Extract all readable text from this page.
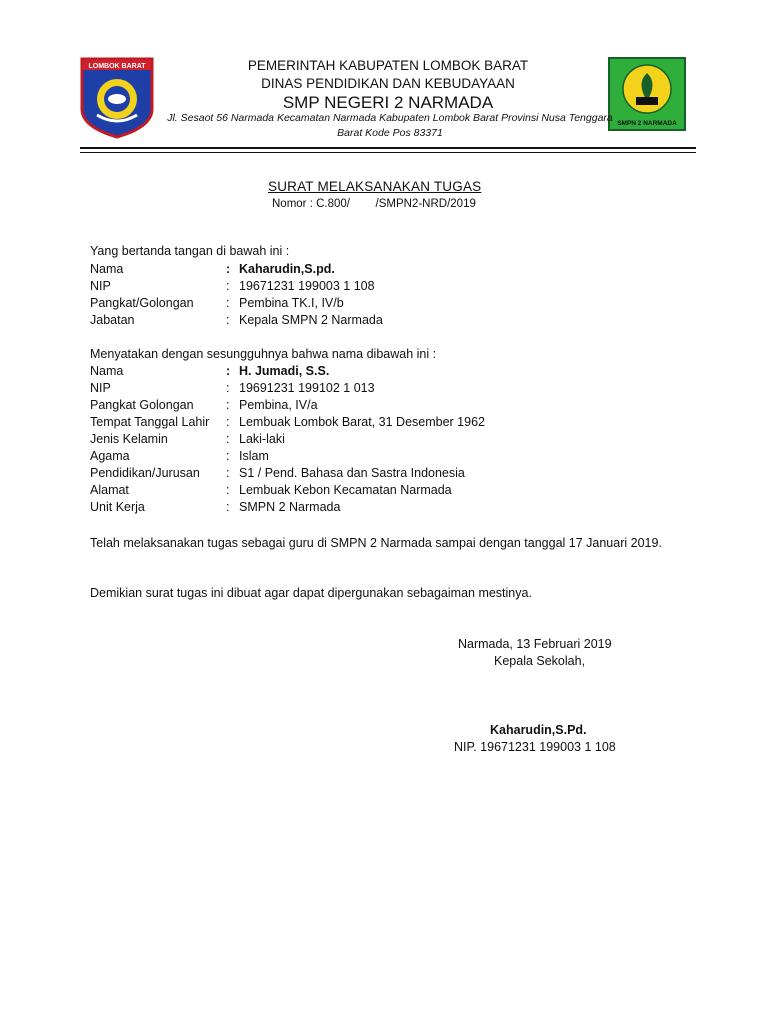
LOMBOK BARAT
SMPN 2 NARMADA
PEMERINTAH KABUPATEN LOMBOK BARAT
DINAS PENDIDIKAN DAN KEBUDAYAAN
SMP NEGERI 2 NARMADA
Jl. Sesaot 56 Narmada Kecamatan Narmada Kabupaten Lombok Barat Provinsi Nusa Tenggara Barat Kode Pos 83371
SURAT MELAKSANAKAN TUGAS
Nomor : C.800/        /SMPN2-NRD/2019
Yang bertanda tangan di bawah ini :
Nama	: Kaharudin,S.pd.
NIP	: 19671231 199003 1 108
Pangkat/Golongan	: Pembina TK.I, IV/b
Jabatan	: Kepala SMPN 2 Narmada
Menyatakan dengan sesungguhnya bahwa nama dibawah ini :
Nama	: H. Jumadi, S.S.
NIP	: 19691231 199102 1 013
Pangkat Golongan	: Pembina, IV/a
Tempat Tanggal Lahir : Lembuak Lombok Barat, 31 Desember 1962
Jenis Kelamin	: Laki-laki
Agama	: Islam
Pendidikan/Jurusan : S1 / Pend. Bahasa dan Sastra Indonesia
Alamat	: Lembuak Kebon Kecamatan Narmada
Unit Kerja	: SMPN 2 Narmada
Telah melaksanakan tugas sebagai guru di SMPN 2 Narmada sampai dengan tanggal 17 Januari 2019.
Demikian surat tugas ini dibuat agar dapat dipergunakan sebagaiman mestinya.
Narmada, 13 Februari 2019
Kepala Sekolah,
Kaharudin,S.Pd.
NIP. 19671231 199003 1 108
